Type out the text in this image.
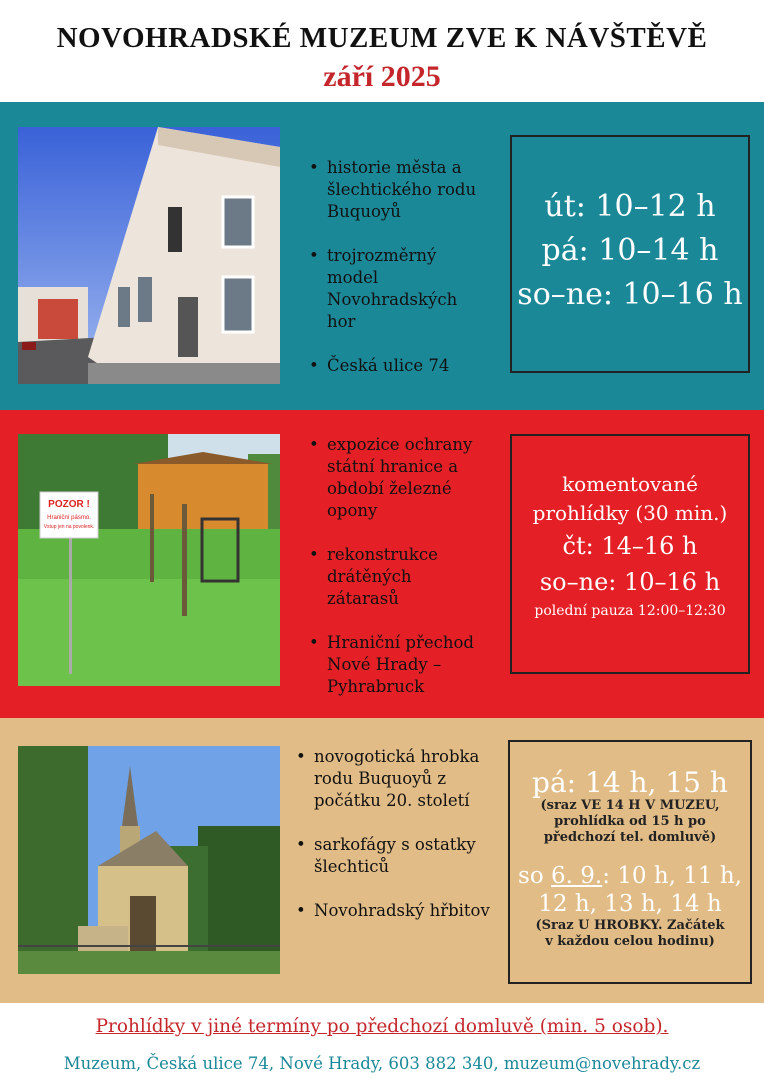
NOVOHRADSKÉ MUZEUM ZVE K NÁVŠTĚVĚ
září 2025
• historie města a šlechtického rodu Buquoyů
• trojrozměrný model Novohradských hor
• Česká ulice 74
út: 10–12 h
pá: 10–14 h
so–ne: 10–16 h
POZOR !
Hraniční pásmo.
Vstup jen na povolenk.
• expozice ochrany státní hranice a období železné opony
• rekonstrukce drátěných zátarasů
• Hraniční přechod Nové Hrady – Pyhrabruck
komentované
prohlídky (30 min.)
čt: 14–16 h
so–ne: 10–16 h
polední pauza 12:00–12:30
• novogotická hrobka rodu Buquoyů z počátku 20. století
• sarkofágy s ostatky šlechticů
• Novohradský hřbitov
pá: 14 h, 15 h
(sraz VE 14 H V MUZEU, prohlídka od 15 h po předchozí tel. domluvě)
so 6. 9.: 10 h, 11 h, 12 h, 13 h, 14 h
(Sraz U HROBKY. Začátek v každou celou hodinu)
Prohlídky v jiné termíny po předchozí domluvě (min. 5 osob).
Muzeum, Česká ulice 74, Nové Hrady, 603 882 340, muzeum@novehrady.cz
